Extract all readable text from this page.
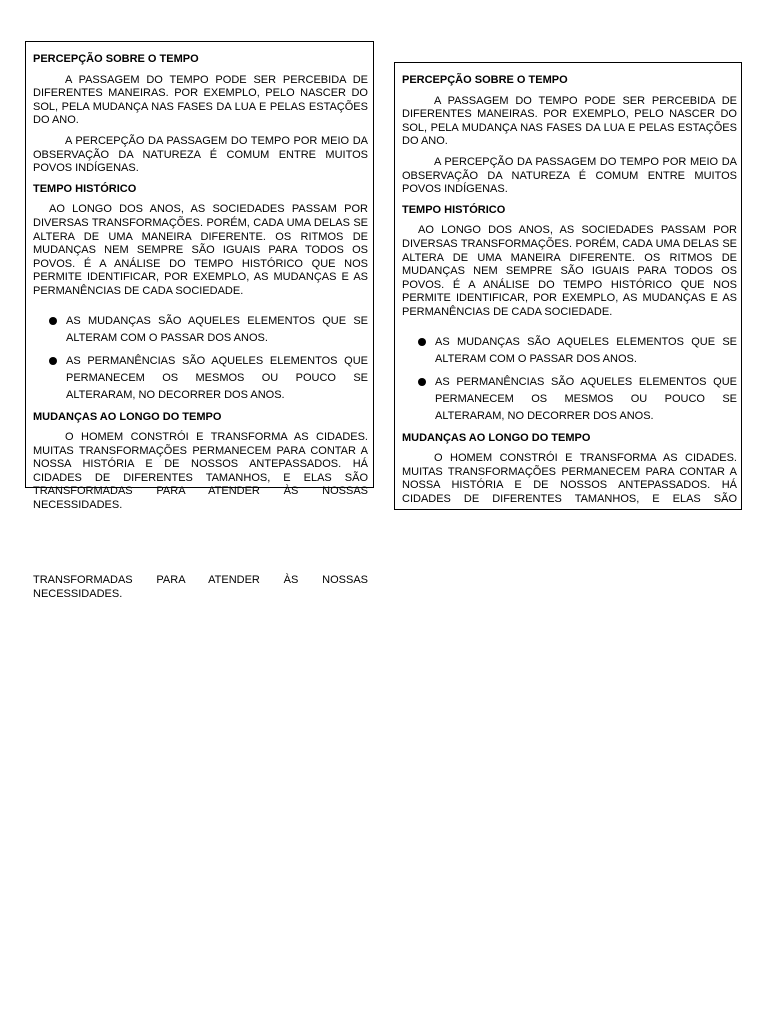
PERCEPÇÃO SOBRE O TEMPO

A PASSAGEM DO TEMPO PODE SER PERCEBIDA DE DIFERENTES MANEIRAS. POR EXEMPLO, PELO NASCER DO SOL, PELA MUDANÇA NAS FASES DA LUA E PELAS ESTAÇÕES DO ANO.

A PERCEPÇÃO DA PASSAGEM DO TEMPO POR MEIO DA OBSERVAÇÃO DA NATUREZA É COMUM ENTRE MUITOS POVOS INDÍGENAS.

TEMPO HISTÓRICO

AO LONGO DOS ANOS, AS SOCIEDADES PASSAM POR DIVERSAS TRANSFORMAÇÕES. PORÉM, CADA UMA DELAS SE ALTERA DE UMA MANEIRA DIFERENTE. OS RITMOS DE MUDANÇAS NEM SEMPRE SÃO IGUAIS PARA TODOS OS POVOS. É A ANÁLISE DO TEMPO HISTÓRICO QUE NOS PERMITE IDENTIFICAR, POR EXEMPLO, AS MUDANÇAS E AS PERMANÊNCIAS DE CADA SOCIEDADE.

AS MUDANÇAS SÃO AQUELES ELEMENTOS QUE SE ALTERAM COM O PASSAR DOS ANOS.
AS PERMANÊNCIAS SÃO AQUELES ELEMENTOS QUE PERMANECEM OS MESMOS OU POUCO SE ALTERARAM, NO DECORRER DOS ANOS.
MUDANÇAS AO LONGO DO TEMPO

O HOMEM CONSTRÓI E TRANSFORMA AS CIDADES. MUITAS TRANSFORMAÇÕES PERMANECEM PARA CONTAR A NOSSA HISTÓRIA E DE NOSSOS ANTEPASSADOS. HÁ CIDADES DE DIFERENTES TAMANHOS, E ELAS SÃO TRANSFORMADAS PARA ATENDER ÀS NOSSAS NECESSIDADES.

TRANSFORMADAS PARA ATENDER ÀS NOSSAS NECESSIDADES.

PERCEPÇÃO SOBRE O TEMPO

A PASSAGEM DO TEMPO PODE SER PERCEBIDA DE DIFERENTES MANEIRAS. POR EXEMPLO, PELO NASCER DO SOL, PELA MUDANÇA NAS FASES DA LUA E PELAS ESTAÇÕES DO ANO.

A PERCEPÇÃO DA PASSAGEM DO TEMPO POR MEIO DA OBSERVAÇÃO DA NATUREZA É COMUM ENTRE MUITOS POVOS INDÍGENAS.

TEMPO HISTÓRICO

AO LONGO DOS ANOS, AS SOCIEDADES PASSAM POR DIVERSAS TRANSFORMAÇÕES. PORÉM, CADA UMA DELAS SE ALTERA DE UMA MANEIRA DIFERENTE. OS RITMOS DE MUDANÇAS NEM SEMPRE SÃO IGUAIS PARA TODOS OS POVOS. É A ANÁLISE DO TEMPO HISTÓRICO QUE NOS PERMITE IDENTIFICAR, POR EXEMPLO, AS MUDANÇAS E AS PERMANÊNCIAS DE CADA SOCIEDADE.

AS MUDANÇAS SÃO AQUELES ELEMENTOS QUE SE ALTERAM COM O PASSAR DOS ANOS.
AS PERMANÊNCIAS SÃO AQUELES ELEMENTOS QUE PERMANECEM OS MESMOS OU POUCO SE ALTERARAM, NO DECORRER DOS ANOS.
MUDANÇAS AO LONGO DO TEMPO

O HOMEM CONSTRÓI E TRANSFORMA AS CIDADES. MUITAS TRANSFORMAÇÕES PERMANECEM PARA CONTAR A NOSSA HISTÓRIA E DE NOSSOS ANTEPASSADOS. HÁ CIDADES DE DIFERENTES TAMANHOS, E ELAS SÃO
